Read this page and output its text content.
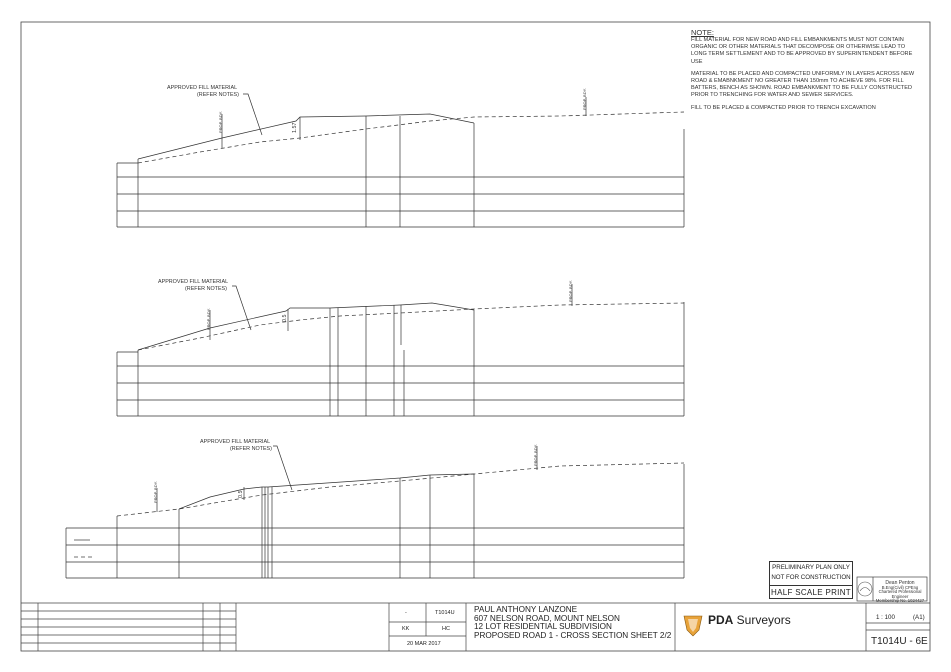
APPROVED FILL MATERIAL
(REFER NOTES)
1.57
PROP. BDY.
PROP. BDY.
APPROVED FILL MATERIAL
(REFER NOTES)
0.5
PROP. BDY.
PROP. BDY.
APPROVED FILL MATERIAL
(REFER NOTES)
0.5
PROP. BDY.
PROP. BDY.
NOTE:

FILL MATERIAL FOR NEW ROAD AND FILL EMBANKMENTS MUST NOT CONTAIN ORGANIC OR OTHER MATERIALS THAT DECOMPOSE OR OTHERWISE LEAD TO LONG TERM SETTLEMENT AND TO BE APPROVED BY SUPERINTENDENT BEFORE USE

MATERIAL TO BE PLACED AND COMPACTED UNIFORMLY IN LAYERS ACROSS NEW ROAD & EMABNKMENT NO GREATER THAN 150mm TO ACHIEVE 98%. FOR FILL BATTERS, BENCH AS SHOWN. ROAD EMBANKMENT TO BE FULLY CONSTRUCTED PRIOR TO TRENCHING FOR WATER AND SEWER SERVICES.

FILL TO BE PLACED & COMPACTED PRIOR TO TRENCH EXCAVATION

PRELIMINARY PLAN ONLY
NOT FOR CONSTRUCTION
HALF SCALE PRINT
Dean Penton
B.Eng(Civil) CPEng
Chartered Professional Engineer
Membership No. 1024427
-	T1014U
KK	HC
20 MAR 2017
PAUL ANTHONY LANZONE
607 NELSON ROAD, MOUNT NELSON
12 LOT RESIDENTIAL SUBDIVISION
PROPOSED ROAD 1 - CROSS SECTION SHEET 2/2
PDA Surveyors	1 : 100	(A1)
T1014U - 6E
